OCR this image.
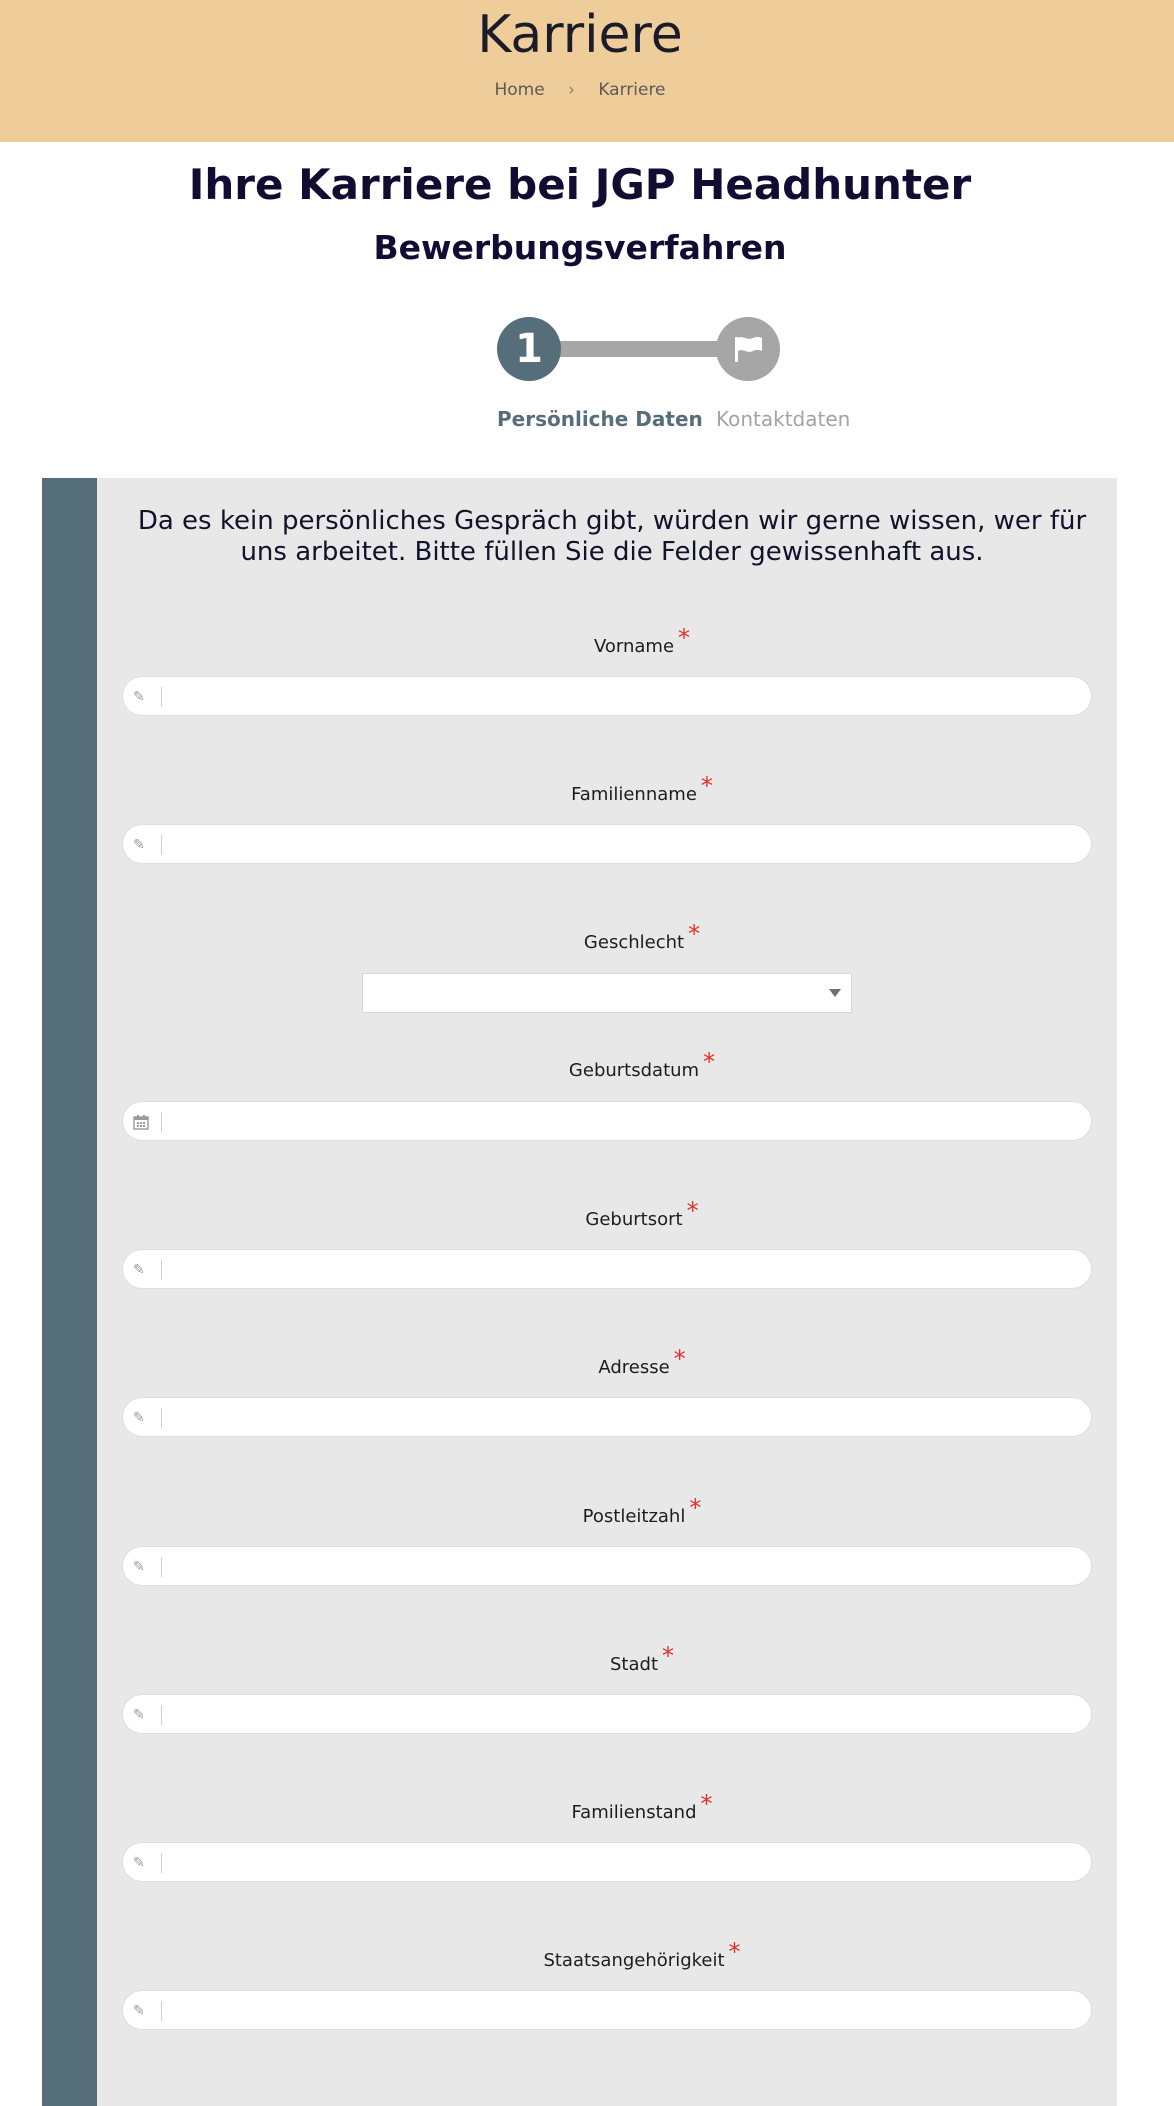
Karriere
Home › Karriere
Ihre Karriere bei JGP Headhunter
Bewerbungsverfahren
1
Persönliche Daten Kontaktdaten
Da es kein persönliches Gespräch gibt, würden wir gerne wissen, wer für uns arbeitet. Bitte füllen Sie die Felder gewissenhaft aus.
Vorname *
✎
Familienname *
✎
Geschlecht *
Geburtsdatum *
Geburtsort *
✎
Adresse *
✎
Postleitzahl *
✎
Stadt *
✎
Familienstand *
✎
Staatsangehörigkeit *
✎
